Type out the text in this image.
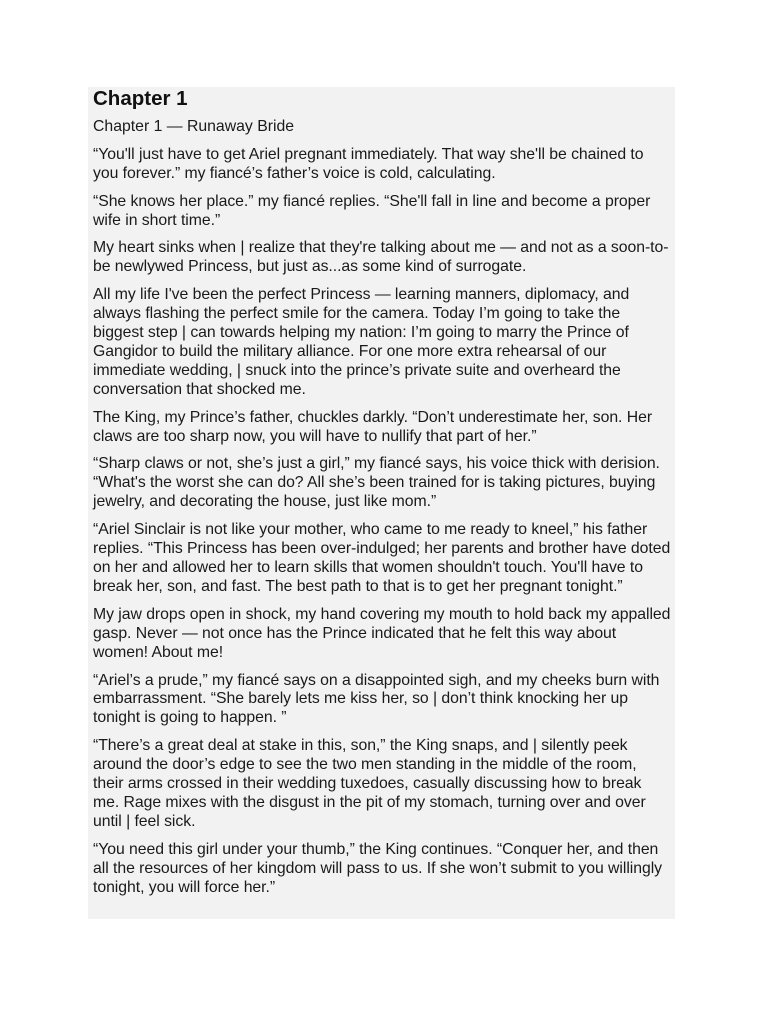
Chapter 1

Chapter 1 — Runaway Bride

“You'll just have to get Ariel pregnant immediately. That way she'll be chained to you forever.” my fiancé’s father’s voice is cold, calculating.

“She knows her place.” my fiancé replies. “She'll fall in line and become a proper wife in short time.”

My heart sinks when | realize that they're talking about me — and not as a soon-to-be newlywed Princess, but just as...as some kind of surrogate.

All my life I've been the perfect Princess — learning manners, diplomacy, and always flashing the perfect smile for the camera. Today I’m going to take the biggest step | can towards helping my nation: I’m going to marry the Prince of Gangidor to build the military alliance. For one more extra rehearsal of our immediate wedding, | snuck into the prince’s private suite and overheard the conversation that shocked me.

The King, my Prince’s father, chuckles darkly. “Don’t underestimate her, son. Her claws are too sharp now, you will have to nullify that part of her.”

“Sharp claws or not, she’s just a girl,” my fiancé says, his voice thick with derision. “What's the worst she can do? All she’s been trained for is taking pictures, buying jewelry, and decorating the house, just like mom.”

“Ariel Sinclair is not like your mother, who came to me ready to kneel,” his father replies. “This Princess has been over-indulged; her parents and brother have doted on her and allowed her to learn skills that women shouldn't touch. You'll have to break her, son, and fast. The best path to that is to get her pregnant tonight.”

My jaw drops open in shock, my hand covering my mouth to hold back my appalled gasp. Never — not once has the Prince indicated that he felt this way about women! About me!

“Ariel’s a prude,” my fiancé says on a disappointed sigh, and my cheeks burn with embarrassment. “She barely lets me kiss her, so | don’t think knocking her up tonight is going to happen. ”

“There’s a great deal at stake in this, son,” the King snaps, and | silently peek around the door’s edge to see the two men standing in the middle of the room, their arms crossed in their wedding tuxedoes, casually discussing how to break me. Rage mixes with the disgust in the pit of my stomach, turning over and over until | feel sick.

“You need this girl under your thumb,” the King continues. “Conquer her, and then all the resources of her kingdom will pass to us. If she won’t submit to you willingly tonight, you will force her.”
